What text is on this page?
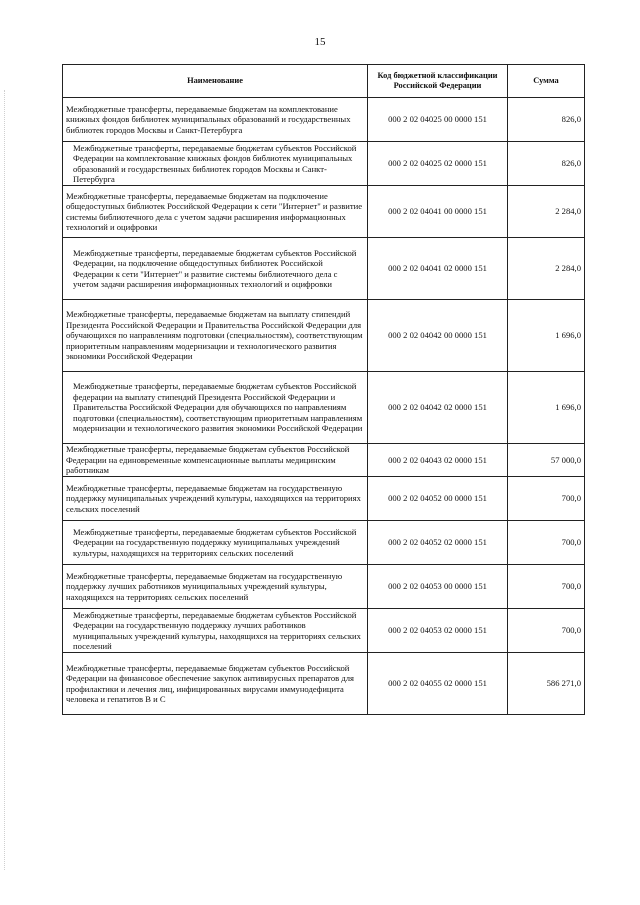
15
Наименование	Код бюджетной классификации Российской Федерации	Сумма
Межбюджетные трансферты, передаваемые бюджетам на комплектование книжных фондов библиотек муниципальных образований и государственных библиотек городов Москвы и Санкт-Петербурга	000 2 02 04025 00 0000 151	826,0
Межбюджетные трансферты, передаваемые бюджетам субъектов Российской Федерации на комплектование книжных фондов библиотек муниципальных образований и государственных библиотек городов Москвы и Санкт-Петербурга	000 2 02 04025 02 0000 151	826,0
Межбюджетные трансферты, передаваемые бюджетам на подключение общедоступных библиотек Российской Федерации к сети "Интернет" и развитие системы библиотечного дела с учетом задачи расширения информационных технологий и оцифровки	000 2 02 04041 00 0000 151	2 284,0
Межбюджетные трансферты, передаваемые бюджетам субъектов Российской Федерации, на подключение общедоступных библиотек Российской Федерации к сети "Интернет" и развитие системы библиотечного дела с учетом задачи расширения информационных технологий и оцифровки	000 2 02 04041 02 0000 151	2 284,0
Межбюджетные трансферты, передаваемые бюджетам на выплату стипендий Президента Российской Федерации и Правительства Российской Федерации для обучающихся по направлениям подготовки (специальностям), соответствующим приоритетным направлениям модернизации и технологического развития экономики Российской Федерации	000 2 02 04042 00 0000 151	1 696,0
Межбюджетные трансферты, передаваемые бюджетам субъектов Российской федерации на выплату стипендий Президента Российской Федерации и Правительства Российской Федерации для обучающихся по направлениям подготовки (специальностям), соответствующим приоритетным направлениям модернизации и технологического развития экономики Российской Федерации	000 2 02 04042 02 0000 151	1 696,0
Межбюджетные трансферты, передаваемые бюджетам субъектов Российской Федерации на единовременные компенсационные выплаты медицинским работникам	000 2 02 04043 02 0000 151	57 000,0
Межбюджетные трансферты, передаваемые бюджетам на государственную поддержку муниципальных учреждений культуры, находящихся на территориях сельских поселений	000 2 02 04052 00 0000 151	700,0
Межбюджетные трансферты, передаваемые бюджетам субъектов Российской Федерации на государственную поддержку муниципальных учреждений культуры, находящихся на территориях сельских поселений	000 2 02 04052 02 0000 151	700,0
Межбюджетные трансферты, передаваемые бюджетам на государственную поддержку лучших работников муниципальных учреждений культуры, находящихся на территориях сельских поселений	000 2 02 04053 00 0000 151	700,0
Межбюджетные трансферты, передаваемые бюджетам субъектов Российской Федерации на государственную поддержку лучших работников муниципальных учреждений культуры, находящихся на территориях сельских поселений	000 2 02 04053 02 0000 151	700,0
Межбюджетные трансферты, передаваемые бюджетам субъектов Российской Федерации на финансовое обеспечение закупок антивирусных препаратов для профилактики и лечения лиц, инфицированных вирусами иммунодефицита человека и гепатитов В и С	000 2 02 04055 02 0000 151	586 271,0
